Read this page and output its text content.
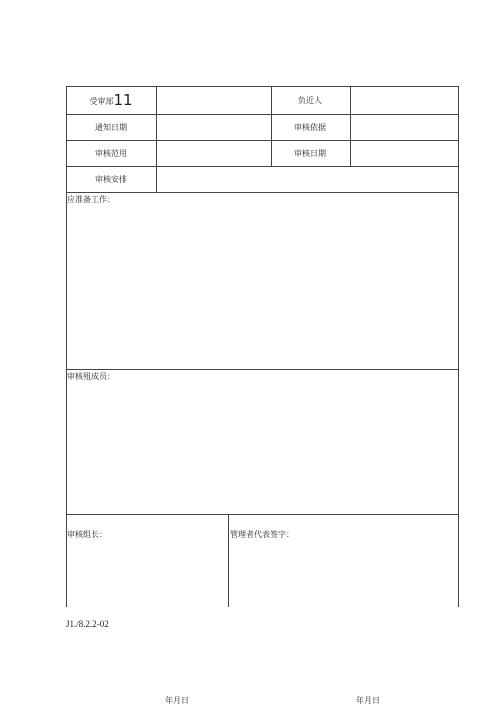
受审部11	负近人
通知日期	审核依据
审核范用	审核日期
审核安排
应准备工作：
审核殂成员：
审核组长：	管理者代表签字：
J1./8.2.2-02
年月日	年月日
